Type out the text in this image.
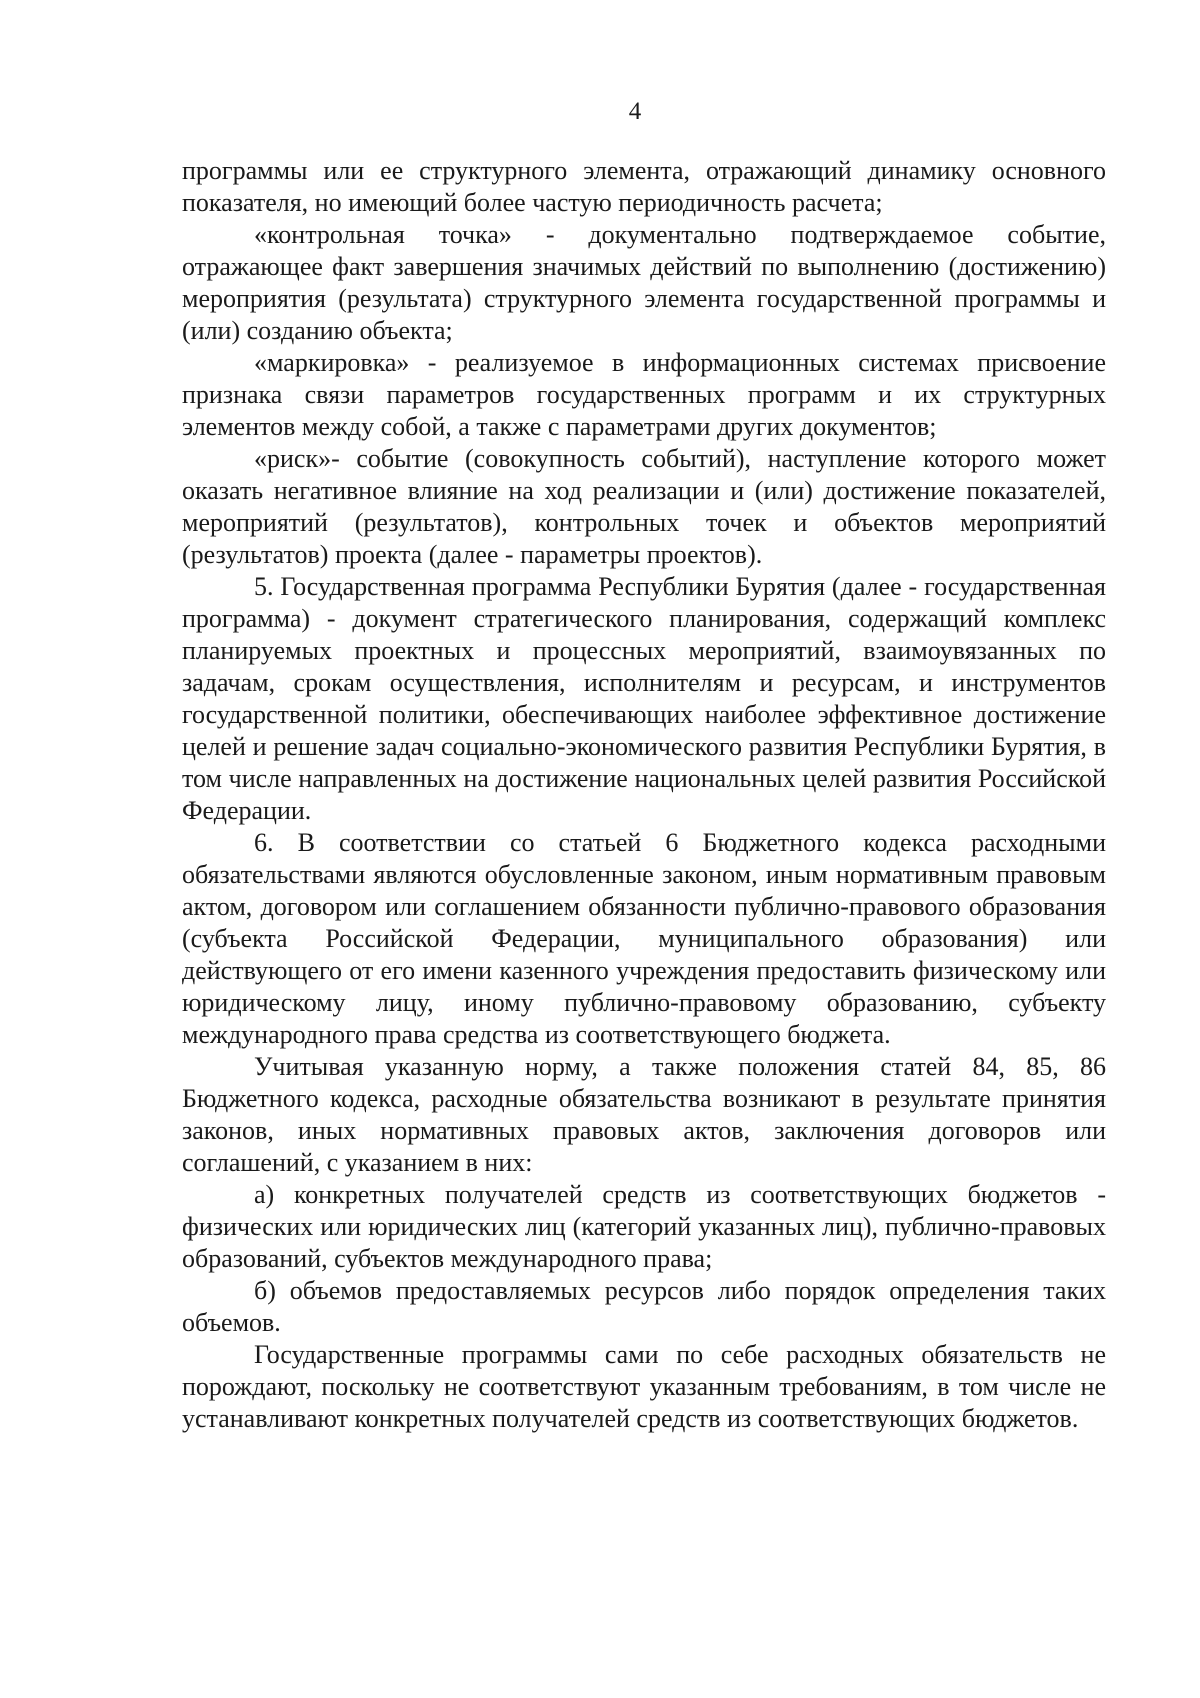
4

программы или ее структурного элемента, отражающий динамику основного показателя, но имеющий более частую периодичность расчета;

«контрольная точка» - документально подтверждаемое событие, отражающее факт завершения значимых действий по выполнению (достижению) мероприятия (результата) структурного элемента государственной программы и (или) созданию объекта;

«маркировка» - реализуемое в информационных системах присвоение признака связи параметров государственных программ и их структурных элементов между собой, а также с параметрами других документов;

«риск»- событие (совокупность событий), наступление которого может оказать негативное влияние на ход реализации и (или) достижение показателей, мероприятий (результатов), контрольных точек и объектов мероприятий (результатов) проекта (далее - параметры проектов).

5. Государственная программа Республики Бурятия (далее - государственная программа) - документ стратегического планирования, содержащий комплекс планируемых проектных и процессных мероприятий, взаимоувязанных по задачам, срокам осуществления, исполнителям и ресурсам, и инструментов государственной политики, обеспечивающих наиболее эффективное достижение целей и решение задач социально-экономического развития Республики Бурятия, в том числе направленных на достижение национальных целей развития Российской Федерации.

6. В соответствии со статьей 6 Бюджетного кодекса расходными обязательствами являются обусловленные законом, иным нормативным правовым актом, договором или соглашением обязанности публично-правового образования (субъекта Российской Федерации, муниципального образования) или действующего от его имени казенного учреждения предоставить физическому или юридическому лицу, иному публично-правовому образованию, субъекту международного права средства из соответствующего бюджета.

Учитывая указанную норму, а также положения статей 84, 85, 86 Бюджетного кодекса, расходные обязательства возникают в результате принятия законов, иных нормативных правовых актов, заключения договоров или соглашений, с указанием в них:

а) конкретных получателей средств из соответствующих бюджетов - физических или юридических лиц (категорий указанных лиц), публично-правовых образований, субъектов международного права;

б) объемов предоставляемых ресурсов либо порядок определения таких объемов.

Государственные программы сами по себе расходных обязательств не порождают, поскольку не соответствуют указанным требованиям, в том числе не устанавливают конкретных получателей средств из соответствующих бюджетов.
